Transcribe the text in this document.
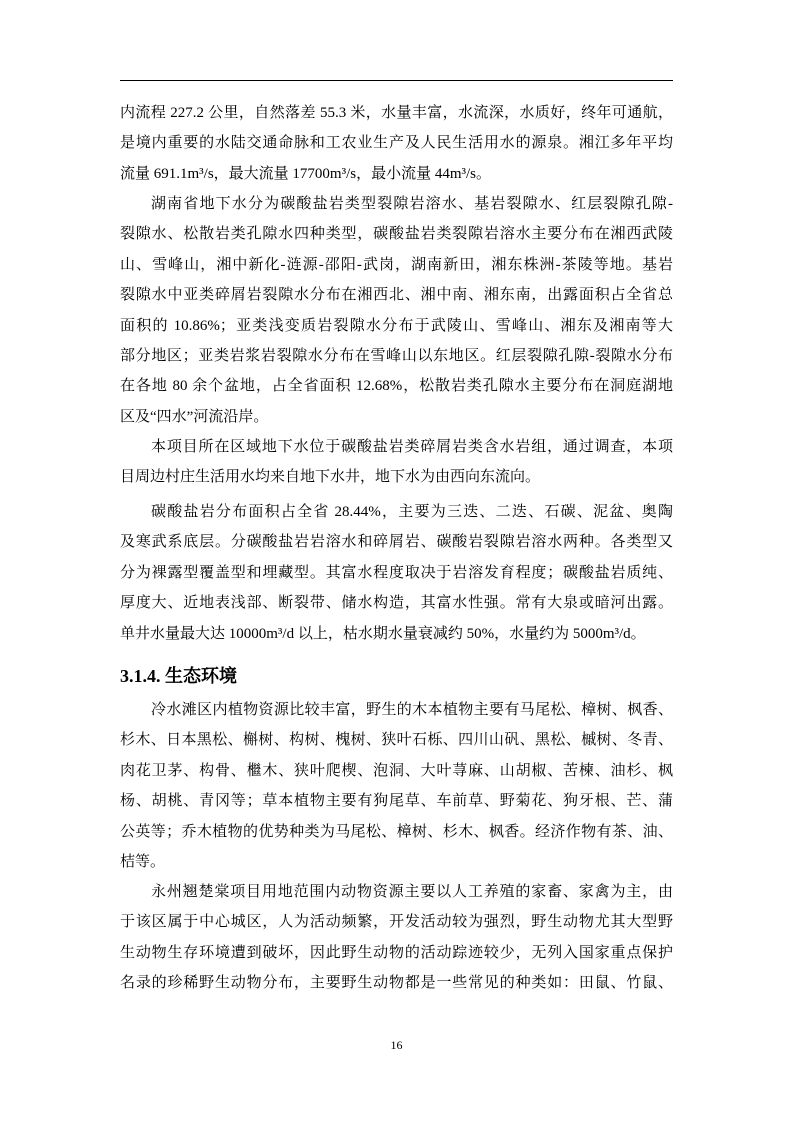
内流程 227.2 公里，自然落差 55.3 米，水量丰富，水流深，水质好，终年可通航，
是境内重要的水陆交通命脉和工农业生产及人民生活用水的源泉。湘江多年平均
流量 691.1m³/s，最大流量 17700m³/s，最小流量 44m³/s。
湖南省地下水分为碳酸盐岩类型裂隙岩溶水、基岩裂隙水、红层裂隙孔隙-
裂隙水、松散岩类孔隙水四种类型，碳酸盐岩类裂隙岩溶水主要分布在湘西武陵
山、雪峰山，湘中新化-涟源-邵阳-武岗，湖南新田，湘东株洲-茶陵等地。基岩
裂隙水中亚类碎屑岩裂隙水分布在湘西北、湘中南、湘东南，出露面积占全省总
面积的 10.86%；亚类浅变质岩裂隙水分布于武陵山、雪峰山、湘东及湘南等大
部分地区；亚类岩浆岩裂隙水分布在雪峰山以东地区。红层裂隙孔隙-裂隙水分布
在各地 80 余个盆地，占全省面积 12.68%，松散岩类孔隙水主要分布在洞庭湖地
区及“四水”河流沿岸。
本项目所在区域地下水位于碳酸盐岩类碎屑岩类含水岩组，通过调查，本项
目周边村庄生活用水均来自地下水井，地下水为由西向东流向。
碳酸盐岩分布面积占全省 28.44%，主要为三迭、二迭、石碳、泥盆、奥陶
及寒武系底层。分碳酸盐岩岩溶水和碎屑岩、碳酸岩裂隙岩溶水两种。各类型又
分为裸露型覆盖型和埋藏型。其富水程度取决于岩溶发育程度；碳酸盐岩质纯、
厚度大、近地表浅部、断裂带、储水构造，其富水性强。常有大泉或暗河出露。
单井水量最大达 10000m³/d 以上，枯水期水量衰减约 50%，水量约为 5000m³/d。
3.1.4. 生态环境
冷水滩区内植物资源比较丰富，野生的木本植物主要有马尾松、樟树、枫香、
杉木、日本黑松、槲树、构树、槐树、狭叶石栎、四川山矾、黑松、槭树、冬青、
肉花卫茅、构骨、檵木、狭叶爬楔、泡洞、大叶荨麻、山胡椒、苦楝、油杉、枫
杨、胡桃、青冈等；草本植物主要有狗尾草、车前草、野菊花、狗牙根、芒、蒲
公英等；乔木植物的优势种类为马尾松、樟树、杉木、枫香。经济作物有茶、油、
桔等。
永州翘楚棠项目用地范围内动物资源主要以人工养殖的家畜、家禽为主，由
于该区属于中心城区，人为活动频繁，开发活动较为强烈，野生动物尤其大型野
生动物生存环境遭到破坏，因此野生动物的活动踪迹较少，无列入国家重点保护
名录的珍稀野生动物分布，主要野生动物都是一些常见的种类如：田鼠、竹鼠、
16
